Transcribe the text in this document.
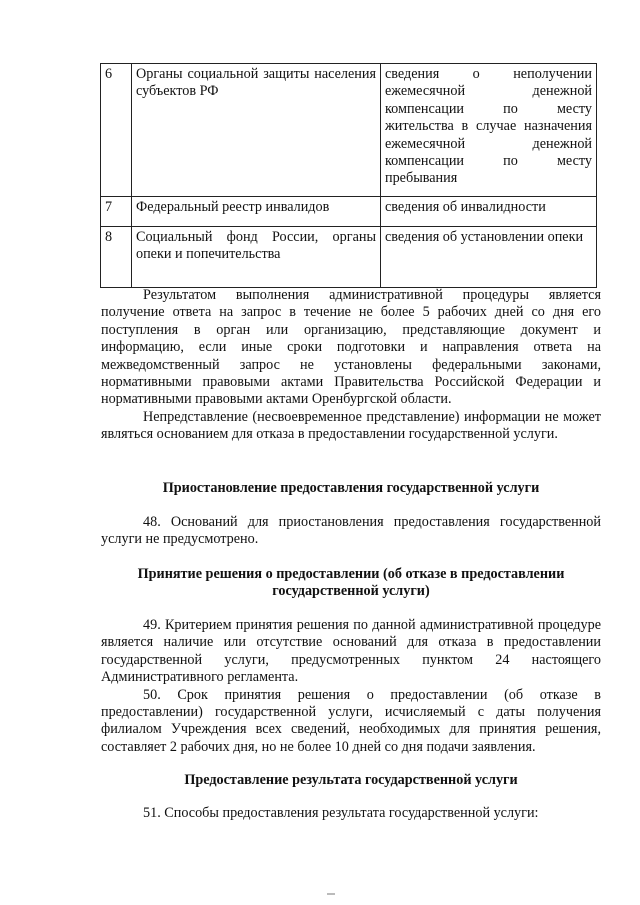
6	Органы социальной защиты населения субъектов РФ	сведения о неполучении ежемесячной денежной компенсации по месту жительства в случае назначения ежемесячной денежной компенсации по месту пребывания
7	Федеральный реестр инвалидов	сведения об инвалидности
8	Социальный фонд России, органы опеки и попечительства	сведения об установлении опеки

Результатом выполнения административной процедуры является получение ответа на запрос в течение не более 5 рабочих дней со дня его поступления в орган или организацию, представляющие документ и информацию, если иные сроки подготовки и направления ответа на межведомственный запрос не установлены федеральными законами, нормативными правовыми актами Правительства Российской Федерации и нормативными правовыми актами Оренбургской области.

Непредставление (несвоевременное представление) информации не может являться основанием для отказа в предоставлении государственной услуги.

Приостановление предоставления государственной услуги

48. Оснований для приостановления предоставления государственной услуги не предусмотрено.

Принятие решения о предоставлении (об отказе в предоставлении государственной услуги)

49. Критерием принятия решения по данной административной процедуре является наличие или отсутствие оснований для отказа в предоставлении государственной услуги, предусмотренных пунктом 24 настоящего Административного регламента.

50. Срок принятия решения о предоставлении (об отказе в предоставлении) государственной услуги, исчисляемый с даты получения филиалом Учреждения всех сведений, необходимых для принятия решения, составляет 2 рабочих дня, но не более 10 дней со дня подачи заявления.

Предоставление результата государственной услуги

51. Способы предоставления результата государственной услуги:
